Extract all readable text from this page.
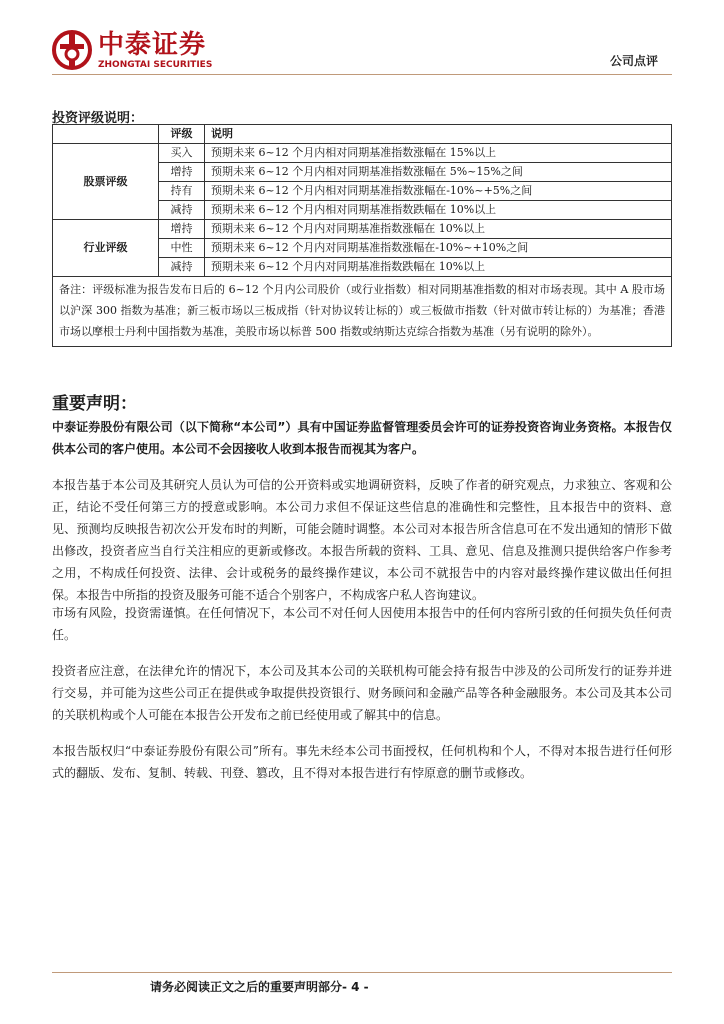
中泰证券
ZHONGTAI SECURITIES	公司点评
投资评级说明：
	评级	说明
股票评级	买入	预期未来 6~12 个月内相对同期基准指数涨幅在 15%以上
	增持	预期未来 6~12 个月内相对同期基准指数涨幅在 5%~15%之间
	持有	预期未来 6~12 个月内相对同期基准指数涨幅在-10%~+5%之间
	减持	预期未来 6~12 个月内相对同期基准指数跌幅在 10%以上
行业评级	增持	预期未来 6~12 个月内对同期基准指数涨幅在 10%以上
	中性	预期未来 6~12 个月内对同期基准指数涨幅在-10%~+10%之间
	减持	预期未来 6~12 个月内对同期基准指数跌幅在 10%以上
备注：评级标准为报告发布日后的 6~12 个月内公司股价（或行业指数）相对同期基准指数的相对市场表现。其中 A 股市场以沪深 300 指数为基准；新三板市场以三板成指（针对协议转让标的）或三板做市指数（针对做市转让标的）为基准；香港市场以摩根士丹利中国指数为基准，美股市场以标普 500 指数或纳斯达克综合指数为基准（另有说明的除外）。		
重要声明：

中泰证券股份有限公司（以下简称“本公司”）具有中国证券监督管理委员会许可的证券投资咨询业务资格。本报告仅供本公司的客户使用。本公司不会因接收人收到本报告而视其为客户。

本报告基于本公司及其研究人员认为可信的公开资料或实地调研资料，反映了作者的研究观点，力求独立、客观和公正，结论不受任何第三方的授意或影响。本公司力求但不保证这些信息的准确性和完整性，且本报告中的资料、意见、预测均反映报告初次公开发布时的判断，可能会随时调整。本公司对本报告所含信息可在不发出通知的情形下做出修改，投资者应当自行关注相应的更新或修改。本报告所载的资料、工具、意见、信息及推测只提供给客户作参考之用，不构成任何投资、法律、会计或税务的最终操作建议，本公司不就报告中的内容对最终操作建议做出任何担保。本报告中所指的投资及服务可能不适合个别客户，不构成客户私人咨询建议。

市场有风险，投资需谨慎。在任何情况下，本公司不对任何人因使用本报告中的任何内容所引致的任何损失负任何责任。

投资者应注意，在法律允许的情况下，本公司及其本公司的关联机构可能会持有报告中涉及的公司所发行的证券并进行交易，并可能为这些公司正在提供或争取提供投资银行、财务顾问和金融产品等各种金融服务。本公司及其本公司的关联机构或个人可能在本报告公开发布之前已经使用或了解其中的信息。

本报告版权归“中泰证券股份有限公司”所有。事先未经本公司书面授权，任何机构和个人，不得对本报告进行任何形式的翻版、发布、复制、转载、刊登、篡改，且不得对本报告进行有悖原意的删节或修改。

请务必阅读正文之后的重要声明部分- 4 -
